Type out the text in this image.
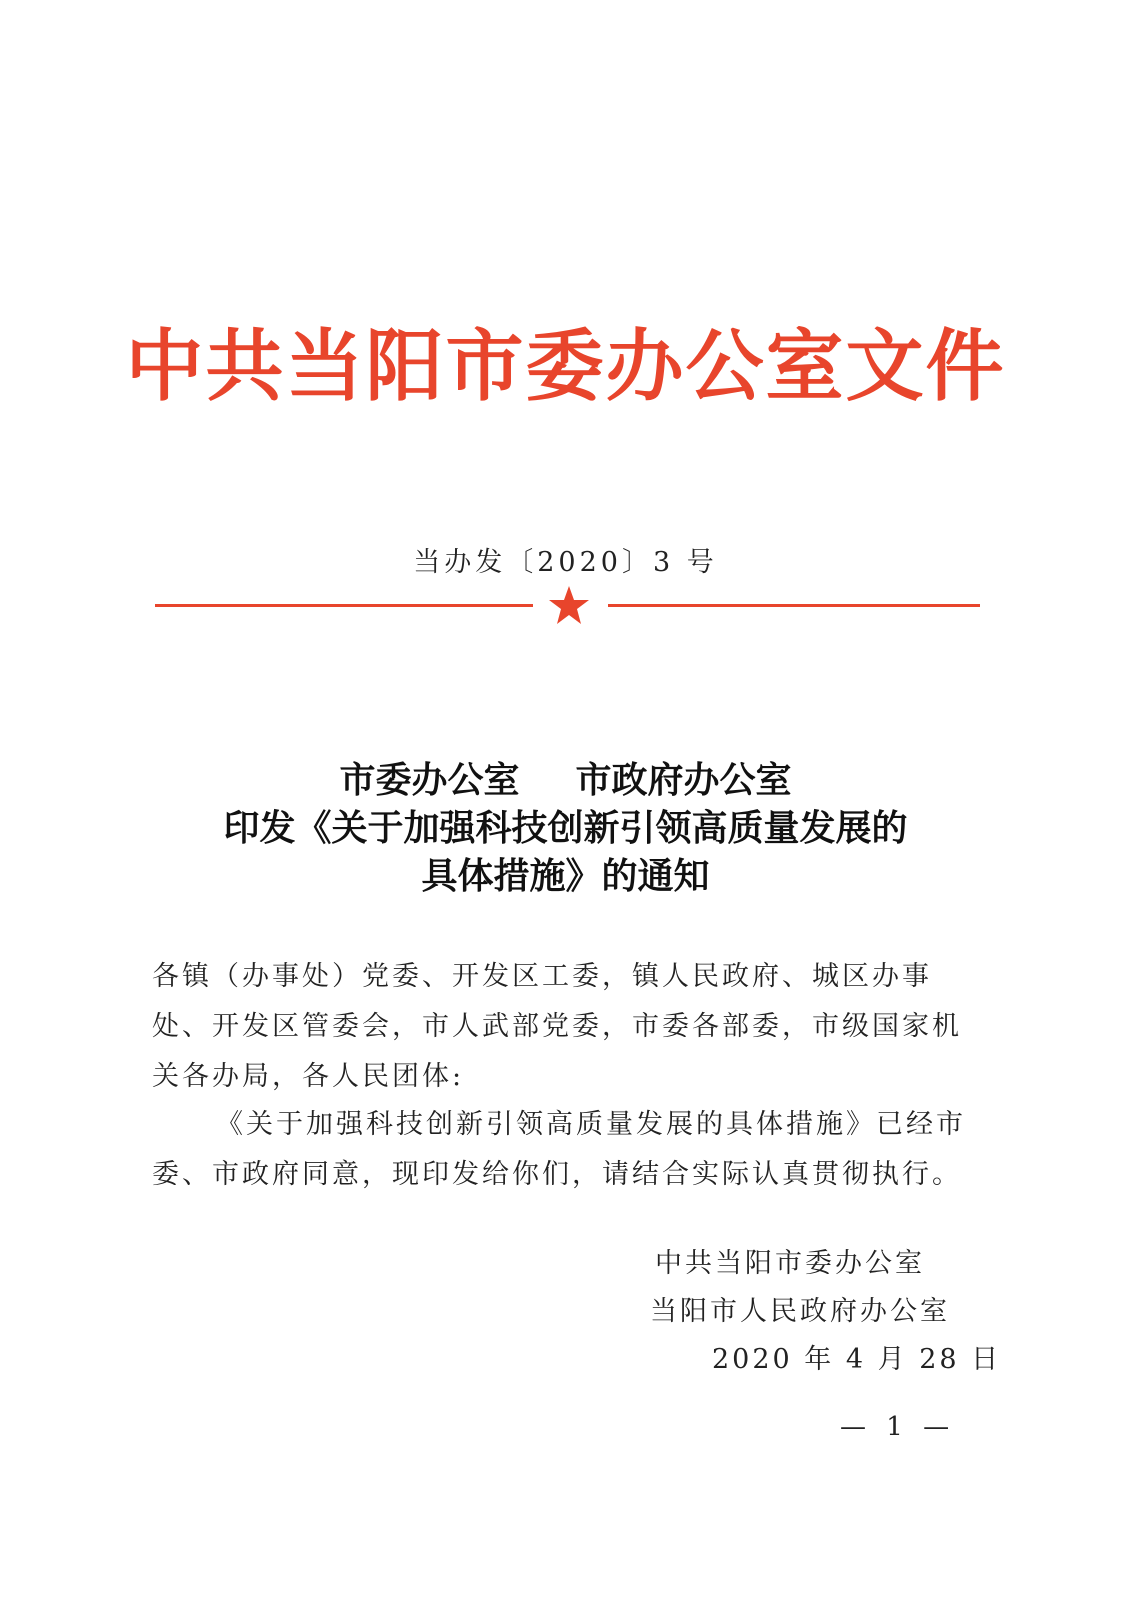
中共当阳市委办公室文件
当办发〔2020〕3 号
市委办公室 市政府办公室
印发《关于加强科技创新引领高质量发展的
具体措施》的通知

各镇（办事处）党委、开发区工委，镇人民政府、城区办事处、开发区管委会，市人武部党委，市委各部委，市级国家机关各办局，各人民团体:

《关于加强科技创新引领高质量发展的具体措施》已经市委、市政府同意，现印发给你们，请结合实际认真贯彻执行。

中共当阳市委办公室
当阳市人民政府办公室
2020 年 4 月 28 日
— 1 —
